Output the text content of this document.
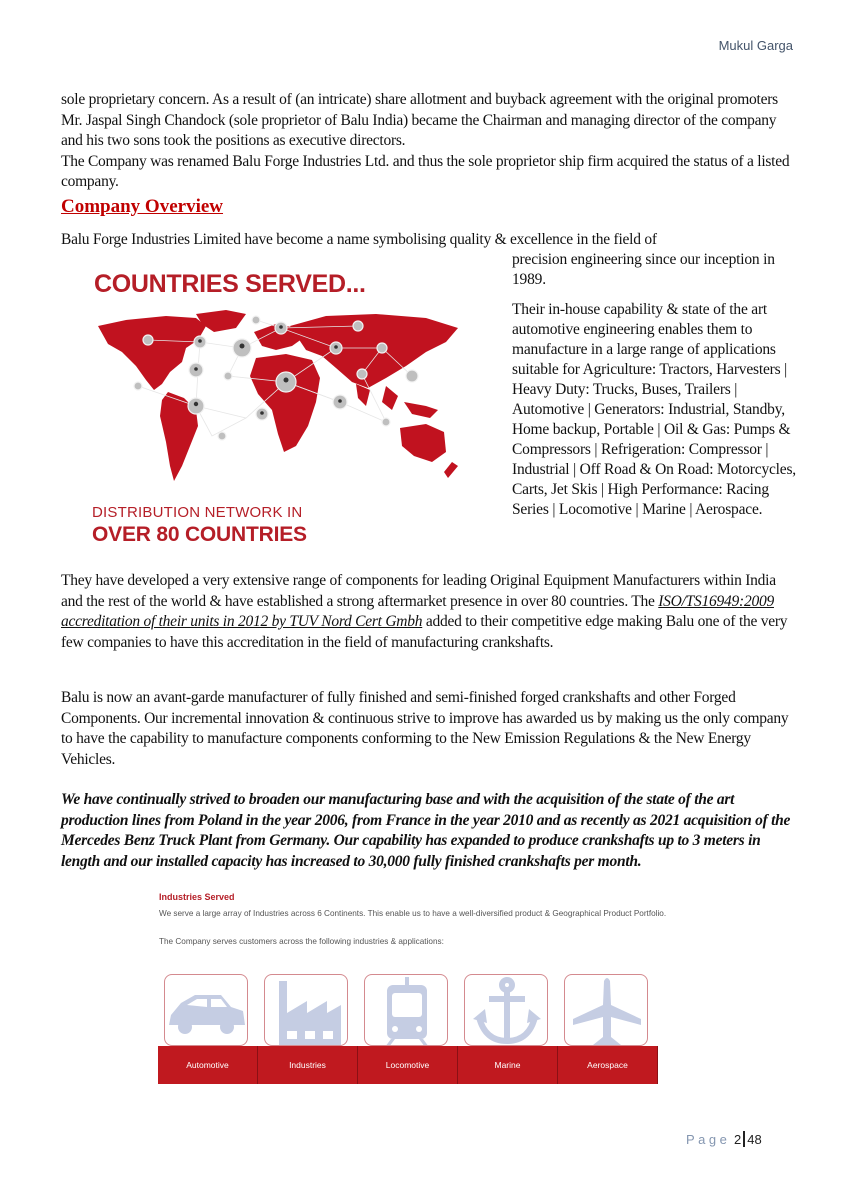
Mukul Garga
sole proprietary concern. As a result of (an intricate) share allotment and buyback agreement with the original promoters Mr. Jaspal Singh Chandock (sole proprietor of Balu India) became the Chairman and managing director of the company and his two sons took the positions as executive directors.
The Company was renamed Balu Forge Industries Ltd. and thus the sole proprietor ship firm acquired the status of a listed company.
Company Overview
Balu Forge Industries Limited have become a name symbolising quality & excellence in the field of
COUNTRIES SERVED...
DISTRIBUTION NETWORK IN
OVER 80 COUNTRIES
precision engineering since our inception in 1989.
Their in-house capability & state of the art automotive engineering enables them to manufacture in a large range of applications suitable for Agriculture: Tractors, Harvesters | Heavy Duty: Trucks, Buses, Trailers | Automotive | Generators: Industrial, Standby, Home backup, Portable | Oil & Gas: Pumps & Compressors | Refrigeration: Compressor | Industrial | Off Road & On Road: Motorcycles, Carts, Jet Skis | High Performance: Racing Series | Locomotive | Marine | Aerospace.
They have developed a very extensive range of components for leading Original Equipment Manufacturers within India and the rest of the world & have established a strong aftermarket presence in over 80 countries. The ISO/TS16949:2009 accreditation of their units in 2012 by TUV Nord Cert Gmbh added to their competitive edge making Balu one of the very few companies to have this accreditation in the field of manufacturing crankshafts.
Balu is now an avant-garde manufacturer of fully finished and semi-finished forged crankshafts and other Forged Components. Our incremental innovation & continuous strive to improve has awarded us by making us the only company to have the capability to manufacture components conforming to the New Emission Regulations & the New Energy Vehicles.
We have continually strived to broaden our manufacturing base and with the acquisition of the state of the art production lines from Poland in the year 2006, from France in the year 2010 and as recently as 2021 acquisition of the Mercedes Benz Truck Plant from Germany. Our capability has expanded to produce crankshafts up to 3 meters in length and our installed capacity has increased to 30,000 fully finished crankshafts per month.
Industries Served
We serve a large array of Industries across 6 Continents. This enable us to have a well-diversified product & Geographical Product Portfolio.
The Company serves customers across the following industries & applications:
Automotive	Industries	Locomotive	Marine	Aerospace
Page 2 48
